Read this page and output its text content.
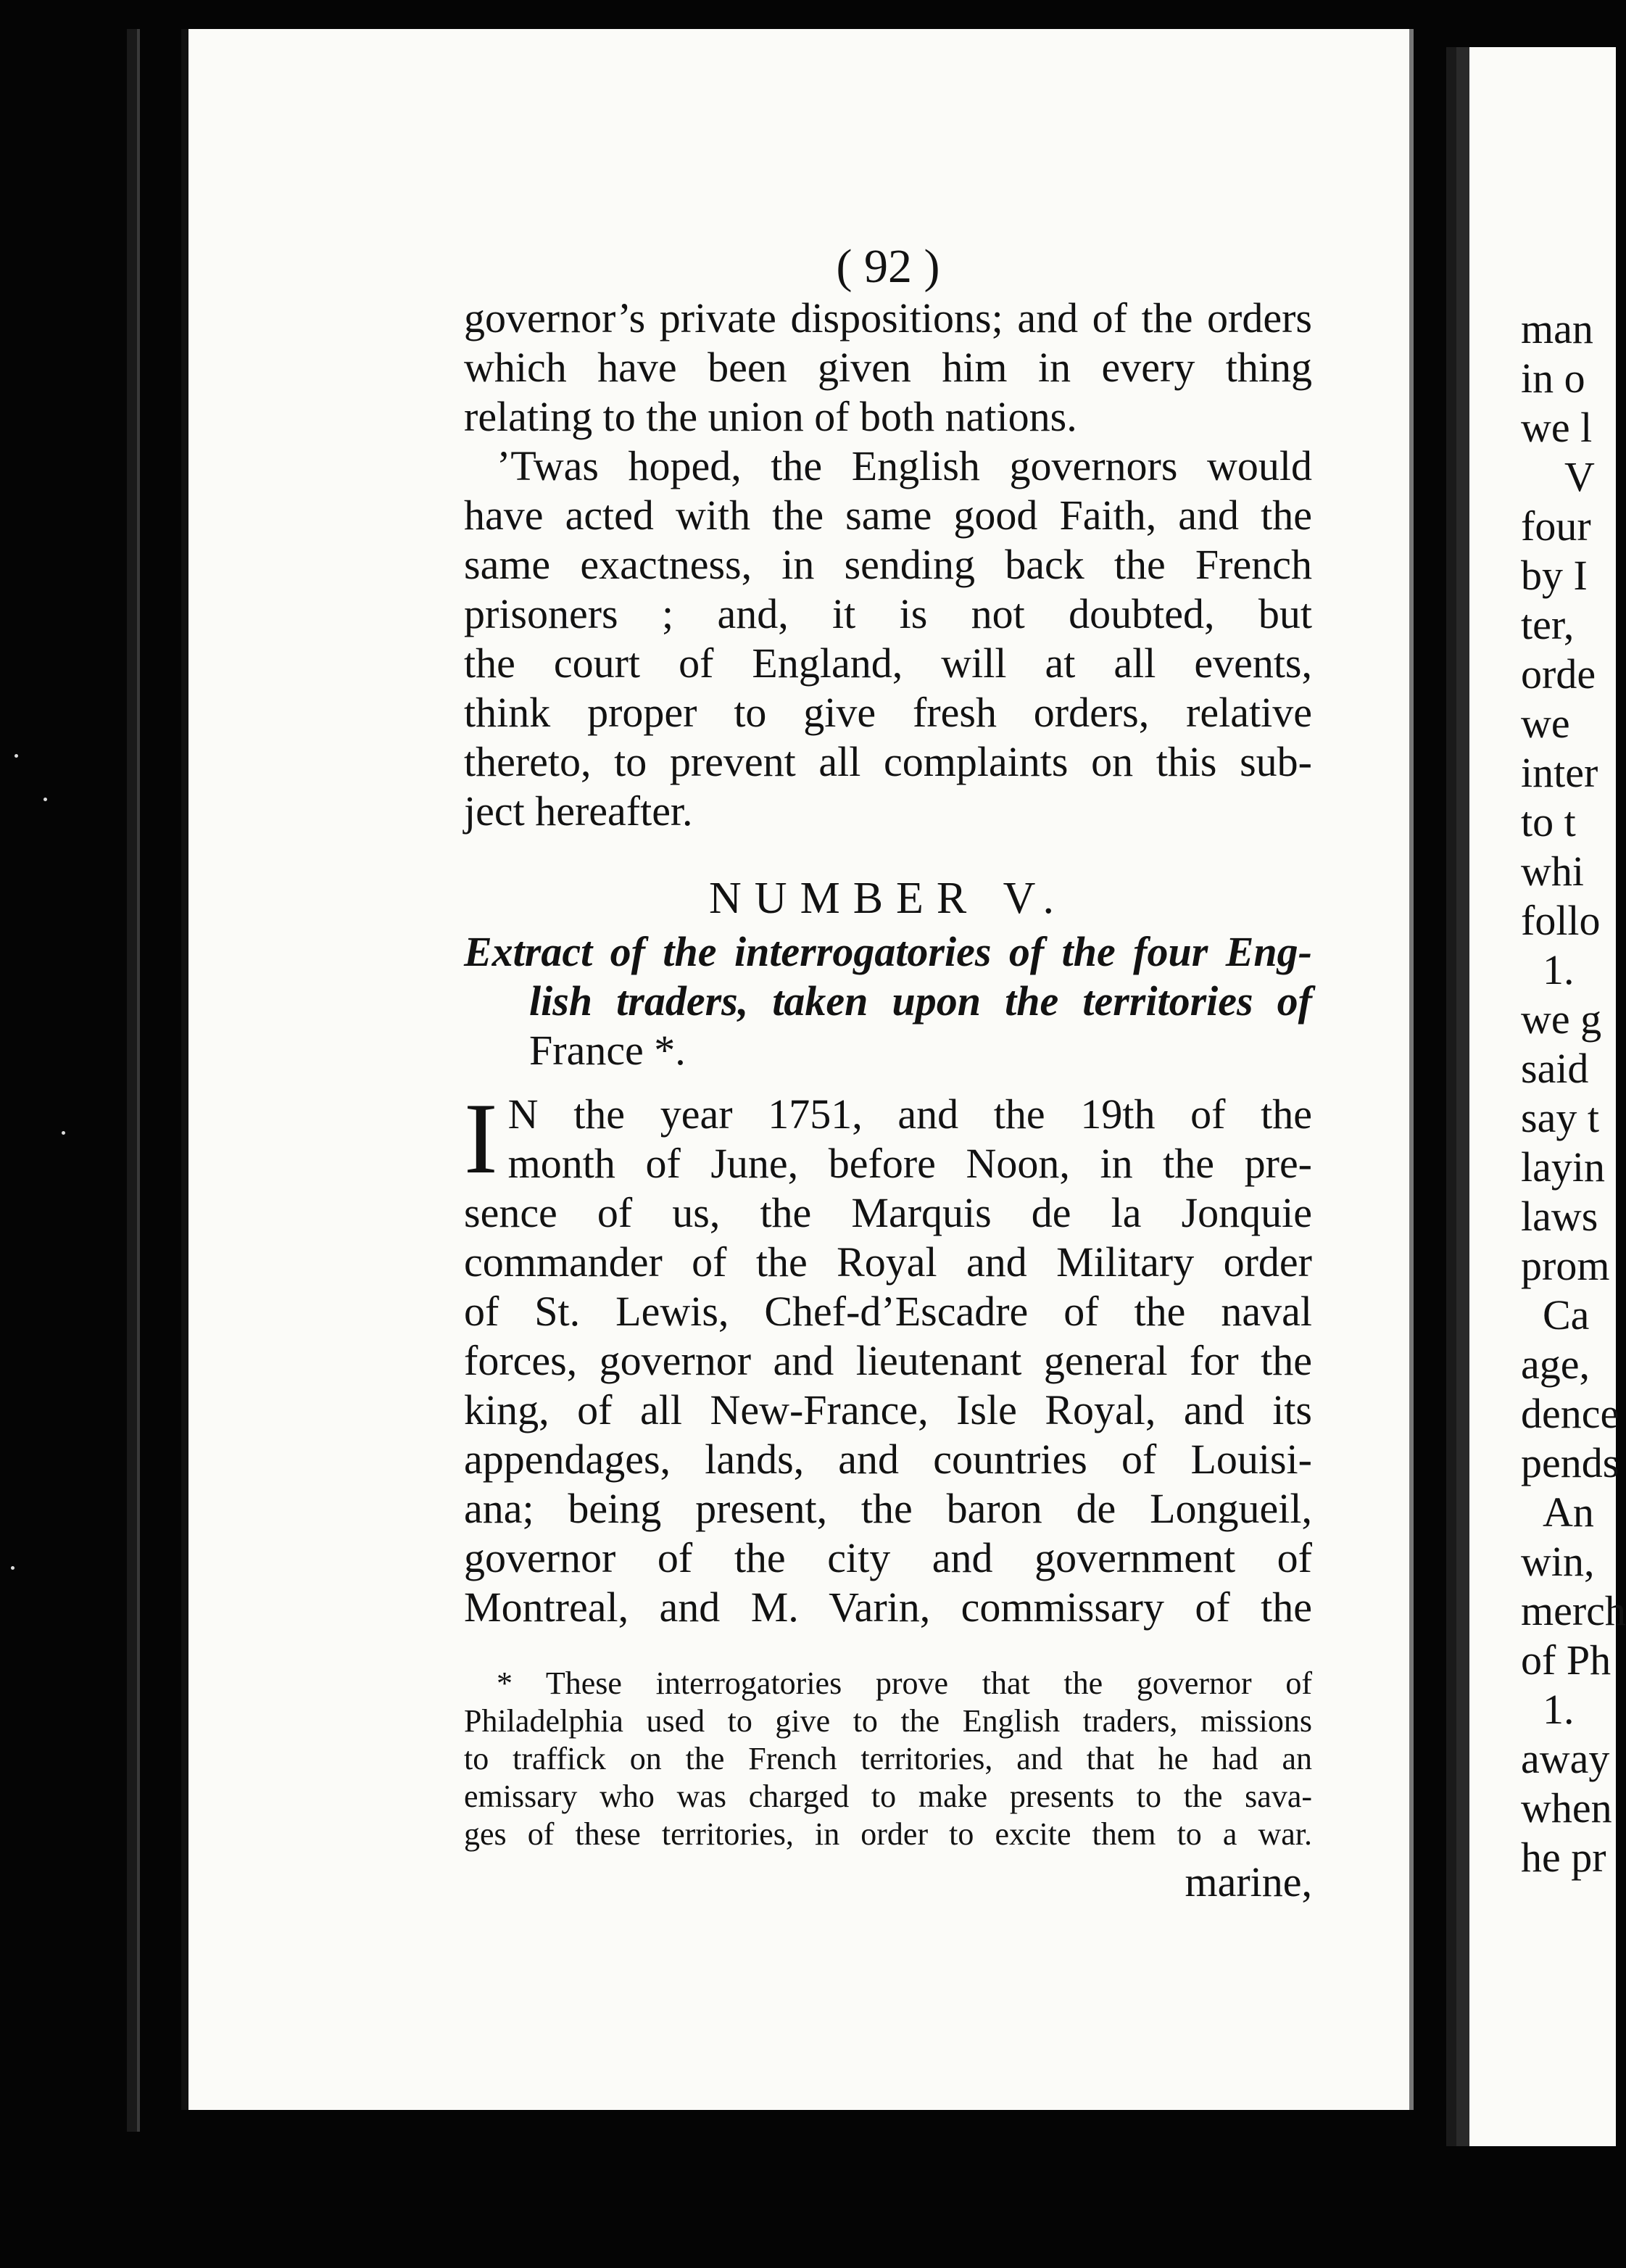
( 92 )
governor’s private dispositions; and of the orders
which have been given him in every thing
relating to the union of both nations.
’Twas hoped, the English governors would
have acted with the same good Faith, and the
same exactness, in sending back the French
prisoners ; and, it is not doubted, but
the court of England, will at all events,
think proper to give fresh orders, relative
thereto, to prevent all complaints on this sub-
ject hereafter.
NUMBER V.
Extract of the interrogatories of the four Eng-
lish traders, taken upon the territories of
France *.
I N the year 1751, and the 19th of the
month of June, before Noon, in the pre-
sence of us, the Marquis de la Jonquie
commander of the Royal and Military order
of St. Lewis, Chef-d’Escadre of the naval
forces, governor and lieutenant general for the
king, of all New-France, Isle Royal, and its
appendages, lands, and countries of Louisi-
ana; being present, the baron de Longueil,
governor of the city and government of
Montreal, and M. Varin, commissary of the
* These interrogatories prove that the governor of
Philadelphia used to give to the English traders, missions
to traffick on the French territories, and that he had an
emissary who was charged to make presents to the sava-
ges of these territories, in order to excite them to a war.
marine,
man
in o
we l
V
four
by I
ter,
orde
we
inter
to t
whi
follo
1.
we g
said
say t
layin
laws
prom
Ca
age,
dence
pends
An
win,
merch
of Ph
1.
away
when
he pr
